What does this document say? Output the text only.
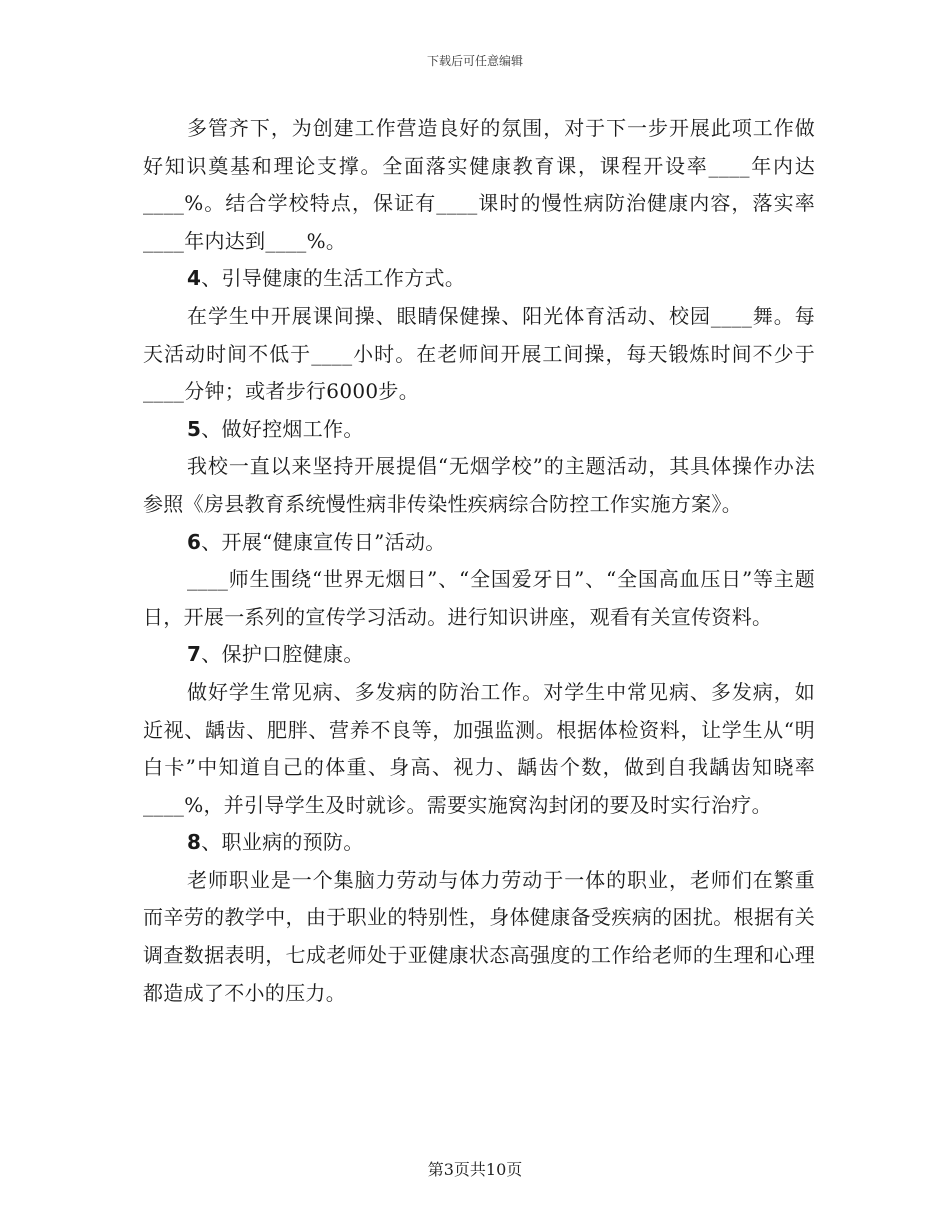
下载后可任意编辑

多管齐下，为创建工作营造良好的氛围，对于下一步开展此项工作做好知识奠基和理论支撑。全面落实健康教育课，课程开设率____年内达____%。结合学校特点，保证有____课时的慢性病防治健康内容，落实率____年内达到____%。

4、引导健康的生活工作方式。

在学生中开展课间操、眼睛保健操、阳光体育活动、校园____舞。每天活动时间不低于____小时。在老师间开展工间操，每天锻炼时间不少于____分钟；或者步行6000步。

5、做好控烟工作。

我校一直以来坚持开展提倡“无烟学校”的主题活动，其具体操作办法参照《房县教育系统慢性病非传染性疾病综合防控工作实施方案》。

6、开展“健康宣传日”活动。

____师生围绕“世界无烟日”、“全国爱牙日”、“全国高血压日”等主题日，开展一系列的宣传学习活动。进行知识讲座，观看有关宣传资料。

7、保护口腔健康。

做好学生常见病、多发病的防治工作。对学生中常见病、多发病，如近视、龋齿、肥胖、营养不良等，加强监测。根据体检资料，让学生从“明白卡”中知道自己的体重、身高、视力、龋齿个数，做到自我龋齿知晓率____%，并引导学生及时就诊。需要实施窝沟封闭的要及时实行治疗。

8、职业病的预防。

老师职业是一个集脑力劳动与体力劳动于一体的职业，老师们在繁重而辛劳的教学中，由于职业的特别性，身体健康备受疾病的困扰。根据有关调查数据表明，七成老师处于亚健康状态高强度的工作给老师的生理和心理都造成了不小的压力。

第3页共10页
